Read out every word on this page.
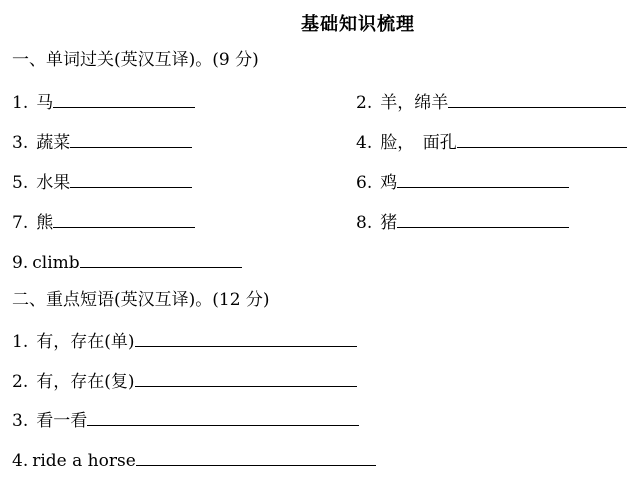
基础知识梳理
一、单词过关(英汉互译)。(9 分)
1. 马	2. 羊，绵羊
3. 蔬菜	4. 脸，　面孔
5. 水果	6. 鸡
7. 熊	8. 猪
9. climb
二、重点短语(英汉互译)。(12 分)
1. 有，存在(单)
2. 有，存在(复)
3. 看一看
4. ride a horse
